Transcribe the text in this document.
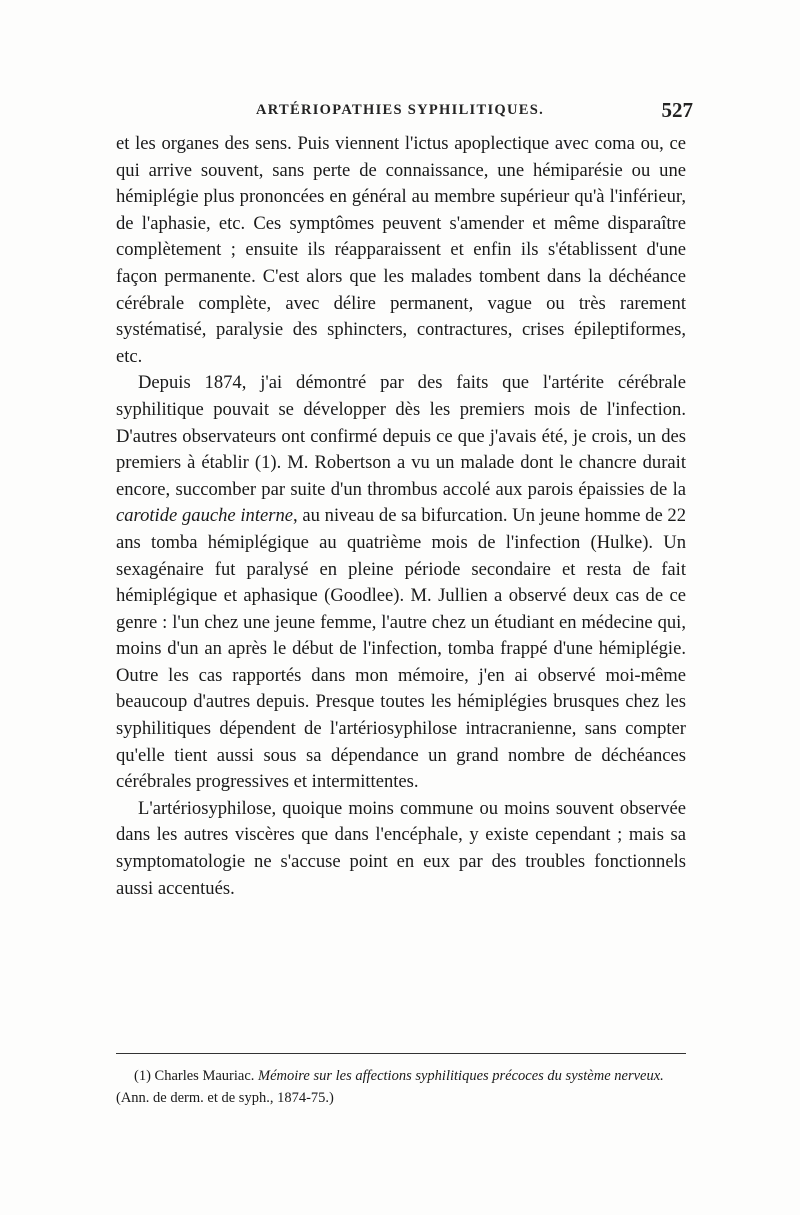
ARTÉRIOPATHIES SYPHILITIQUES.	527

et les organes des sens. Puis viennent l'ictus apoplectique avec coma ou, ce qui arrive souvent, sans perte de connaissance, une hémiparésie ou une hémiplégie plus prononcées en général au membre supérieur qu'à l'inférieur, de l'aphasie, etc. Ces symptômes peuvent s'amender et même disparaître complètement ; ensuite ils réapparaissent et enfin ils s'établissent d'une façon permanente. C'est alors que les malades tombent dans la déchéance cérébrale complète, avec délire permanent, vague ou très rarement systématisé, paralysie des sphincters, contractures, crises épileptiformes, etc.

Depuis 1874, j'ai démontré par des faits que l'artérite cérébrale syphilitique pouvait se développer dès les premiers mois de l'infection. D'autres observateurs ont confirmé depuis ce que j'avais été, je crois, un des premiers à établir (1). M. Robertson a vu un malade dont le chancre durait encore, succomber par suite d'un thrombus accolé aux parois épaissies de la carotide gauche interne, au niveau de sa bifurcation. Un jeune homme de 22 ans tomba hémiplégique au quatrième mois de l'infection (Hulke). Un sexagénaire fut paralysé en pleine période secondaire et resta de fait hémiplégique et aphasique (Goodlee). M. Jullien a observé deux cas de ce genre : l'un chez une jeune femme, l'autre chez un étudiant en médecine qui, moins d'un an après le début de l'infection, tomba frappé d'une hémiplégie. Outre les cas rapportés dans mon mémoire, j'en ai observé moi-même beaucoup d'autres depuis. Presque toutes les hémiplégies brusques chez les syphilitiques dépendent de l'artériosyphilose intracranienne, sans compter qu'elle tient aussi sous sa dépendance un grand nombre de déchéances cérébrales progressives et intermittentes.

L'artériosyphilose, quoique moins commune ou moins souvent observée dans les autres viscères que dans l'encéphale, y existe cependant ; mais sa symptomatologie ne s'accuse point en eux par des troubles fonctionnels aussi accentués.

(1) Charles Mauriac. Mémoire sur les affections syphilitiques précoces du système nerveux. (Ann. de derm. et de syph., 1874-75.)
